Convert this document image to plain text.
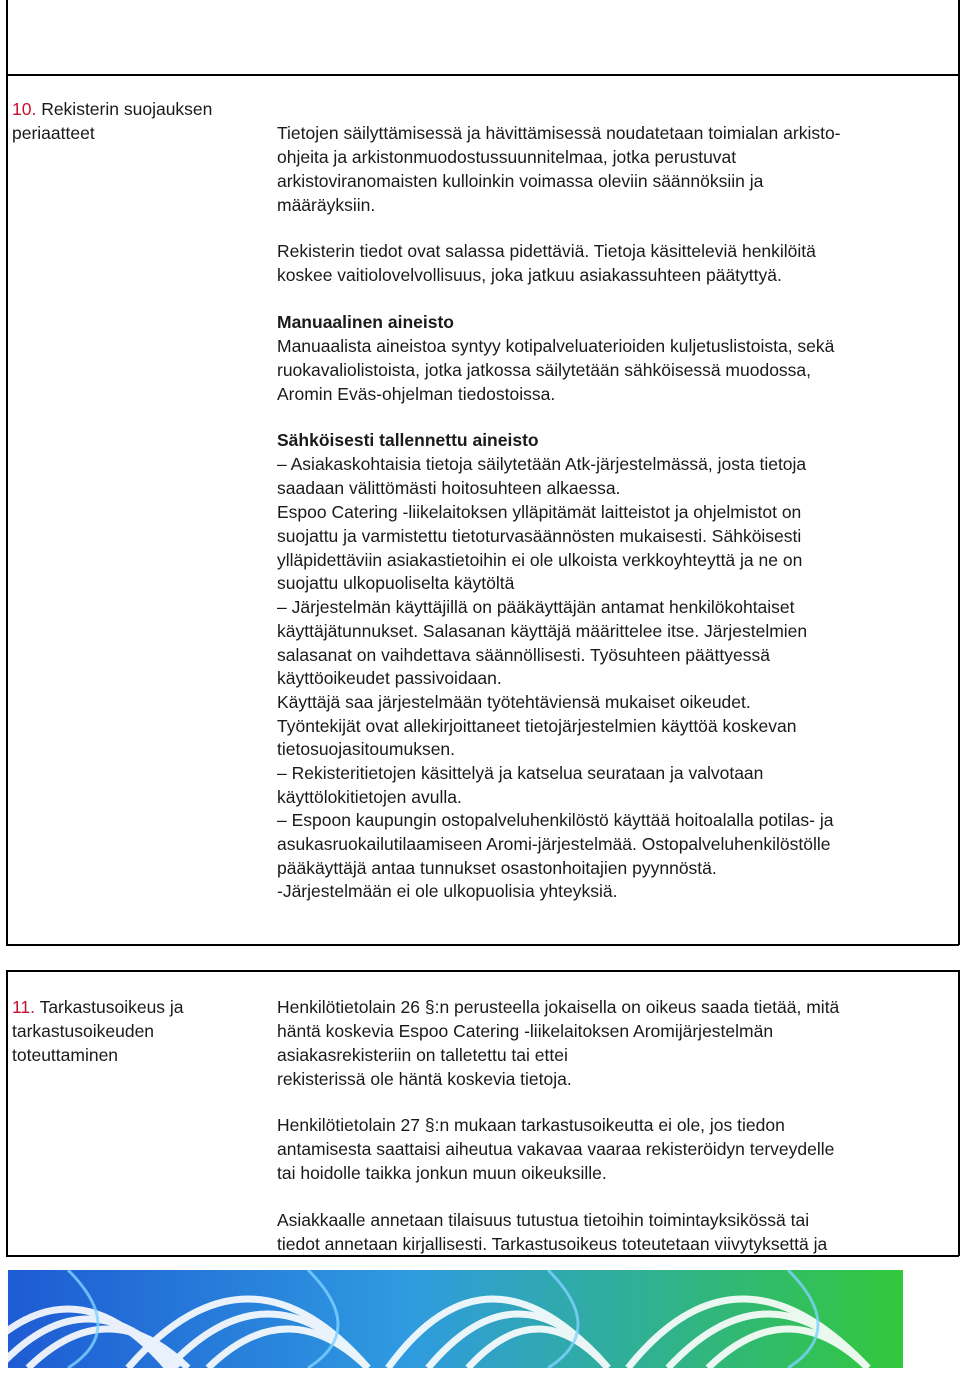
10. Rekisterin suojauksen
periaatteet	Tietojen säilyttämisessä ja hävittämisessä noudatetaan toimialan arkisto-
ohjeita ja arkistonmuodostussuunnitelmaa, jotka perustuvat
arkistoviranomaisten kulloinkin voimassa oleviin säännöksiin ja
määräyksiin.
Rekisterin tiedot ovat salassa pidettäviä. Tietoja käsitteleviä henkilöitä
koskee vaitiolovelvollisuus, joka jatkuu asiakassuhteen päätyttyä.
Manuaalinen aineisto
Manuaalista aineistoa syntyy kotipalveluaterioiden kuljetuslistoista, sekä
ruokavaliolistoista, jotka jatkossa säilytetään sähköisessä muodossa,
Aromin Eväs-ohjelman tiedostoissa.
Sähköisesti tallennettu aineisto
– Asiakaskohtaisia tietoja säilytetään Atk-järjestelmässä, josta tietoja
saadaan välittömästi hoitosuhteen alkaessa.
Espoo Catering -liikelaitoksen ylläpitämät laitteistot ja ohjelmistot on
suojattu ja varmistettu tietoturvasäännösten mukaisesti. Sähköisesti
ylläpidettäviin asiakastietoihin ei ole ulkoista verkkoyhteyttä ja ne on
suojattu ulkopuoliselta käytöltä
– Järjestelmän käyttäjillä on pääkäyttäjän antamat henkilökohtaiset
käyttäjätunnukset. Salasanan käyttäjä määrittelee itse. Järjestelmien
salasanat on vaihdettava säännöllisesti. Työsuhteen päättyessä
käyttöoikeudet passivoidaan.
Käyttäjä saa järjestelmään työtehtäviensä mukaiset oikeudet.
Työntekijät ovat allekirjoittaneet tietojärjestelmien käyttöä koskevan
tietosuojasitoumuksen.
– Rekisteritietojen käsittelyä ja katselua seurataan ja valvotaan
käyttölokitietojen avulla.
– Espoon kaupungin ostopalveluhenkilöstö käyttää hoitoalalla potilas- ja
asukasruokailutilaamiseen Aromi-järjestelmää. Ostopalveluhenkilöstölle
pääkäyttäjä antaa tunnukset osastonhoitajien pyynnöstä.
-Järjestelmään ei ole ulkopuolisia yhteyksiä.
11. Tarkastusoikeus ja
tarkastusoikeuden
toteuttaminen
Henkilötietolain 26 §:n perusteella jokaisella on oikeus saada tietää, mitä
häntä koskevia Espoo Catering -liikelaitoksen Aromijärjestelmän
asiakasrekisteriin on talletettu tai ettei
rekisterissä ole häntä koskevia tietoja.
Henkilötietolain 27 §:n mukaan tarkastusoikeutta ei ole, jos tiedon
antamisesta saattaisi aiheutua vakavaa vaaraa rekisteröidyn terveydelle
tai hoidolle taikka jonkun muun oikeuksille.
Asiakkaalle annetaan tilaisuus tutustua tietoihin toimintayksikössä tai
tiedot annetaan kirjallisesti. Tarkastusoikeus toteutetaan viivytyksettä ja
